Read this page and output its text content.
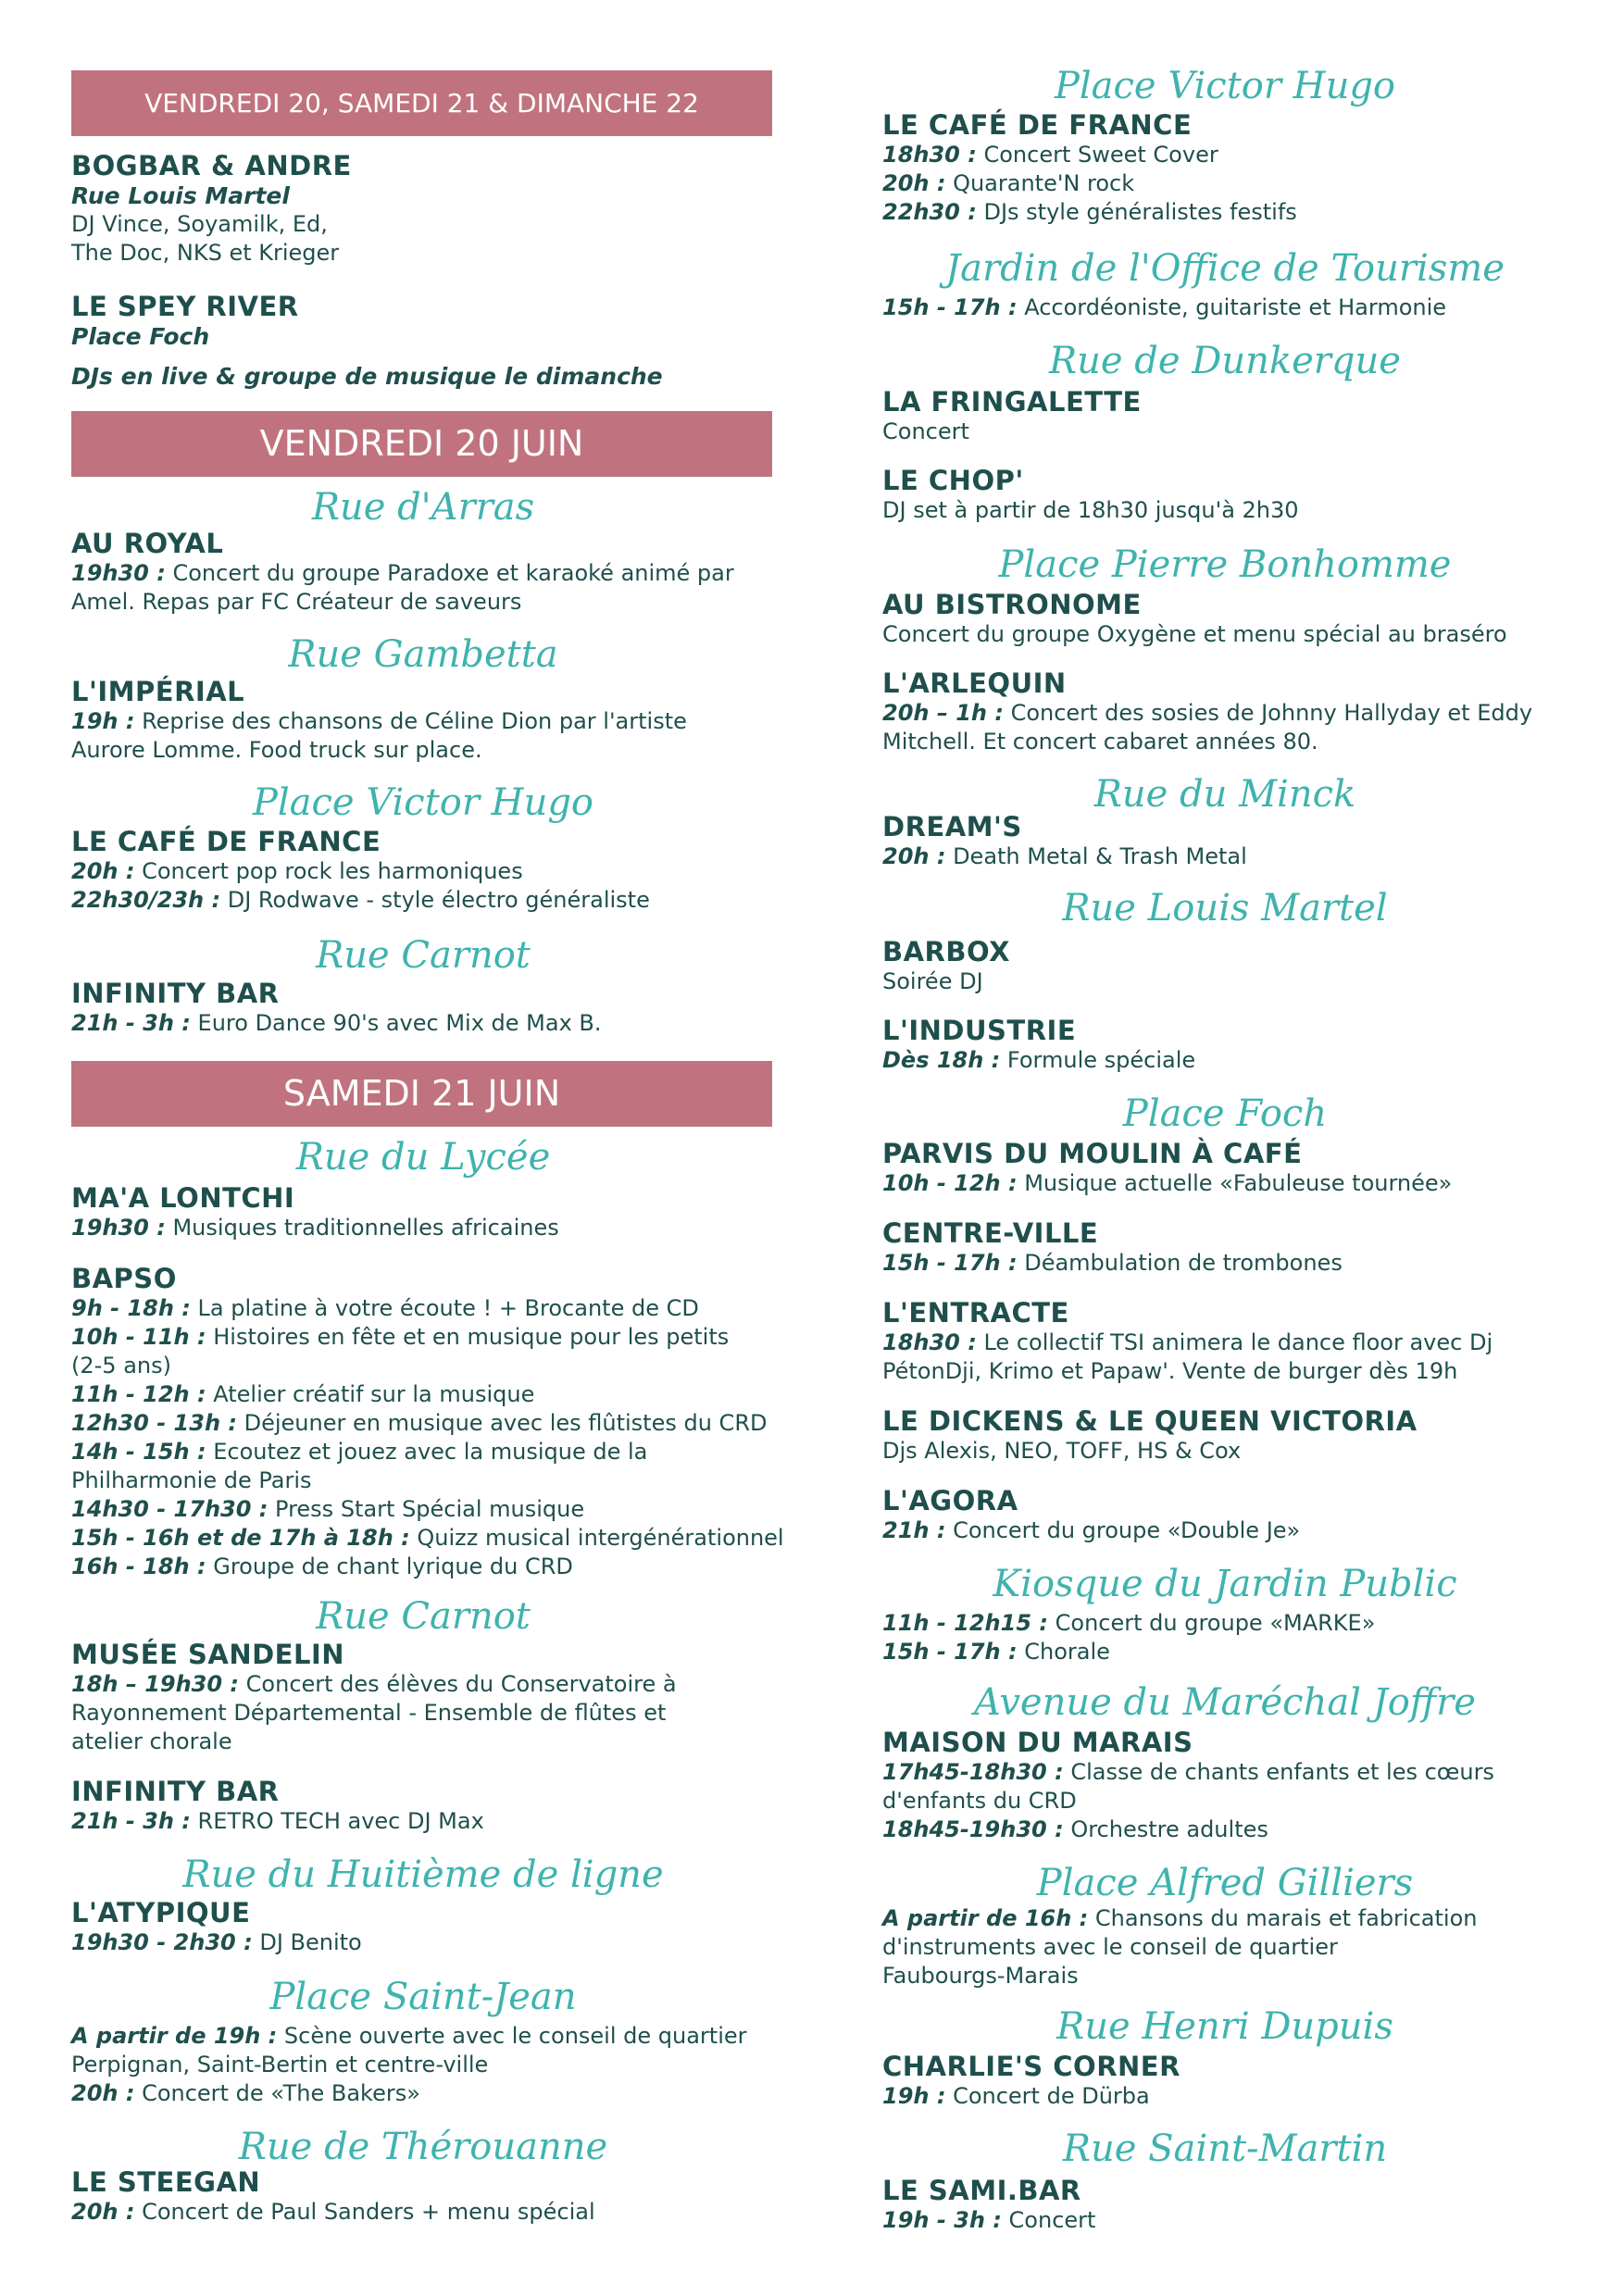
VENDREDI 20, SAMEDI 21 & DIMANCHE 22
BOGBAR & ANDRE
Rue Louis Martel
DJ Vince, Soyamilk, Ed,
The Doc, NKS et Krieger
LE SPEY RIVER
Place Foch
DJs en live & groupe de musique le dimanche
VENDREDI 20 JUIN
Rue d'Arras
AU ROYAL
19h30 : Concert du groupe Paradoxe et karaoké animé par
Amel. Repas par FC Créateur de saveurs
Rue Gambetta
L'IMPÉRIAL
19h : Reprise des chansons de Céline Dion par l'artiste
Aurore Lomme. Food truck sur place.
Place Victor Hugo
LE CAFÉ DE FRANCE
20h : Concert pop rock les harmoniques
22h30/23h : DJ Rodwave - style électro généraliste
Rue Carnot
INFINITY BAR
21h - 3h : Euro Dance 90's avec Mix de Max B.
SAMEDI 21 JUIN
Rue du Lycée
MA'A LONTCHI
19h30 : Musiques traditionnelles africaines
BAPSO
9h - 18h : La platine à votre écoute ! + Brocante de CD
10h - 11h : Histoires en fête et en musique pour les petits
(2-5 ans)
11h - 12h : Atelier créatif sur la musique
12h30 - 13h : Déjeuner en musique avec les flûtistes du CRD
14h - 15h : Ecoutez et jouez avec la musique de la
Philharmonie de Paris
14h30 - 17h30 : Press Start Spécial musique
15h - 16h et de 17h à 18h : Quizz musical intergénérationnel
16h - 18h : Groupe de chant lyrique du CRD
Rue Carnot
MUSÉE SANDELIN
18h – 19h30 : Concert des élèves du Conservatoire à
Rayonnement Départemental - Ensemble de flûtes et
atelier chorale
INFINITY BAR
21h - 3h : RETRO TECH avec DJ Max
Rue du Huitième de ligne
L'ATYPIQUE
19h30 - 2h30 : DJ Benito
Place Saint-Jean
A partir de 19h : Scène ouverte avec le conseil de quartier
Perpignan, Saint-Bertin et centre-ville
20h : Concert de «The Bakers»
Rue de Thérouanne
LE STEEGAN
20h : Concert de Paul Sanders + menu spécial
Place Victor Hugo
LE CAFÉ DE FRANCE
18h30 : Concert Sweet Cover
20h : Quarante'N rock
22h30 : DJs style généralistes festifs
Jardin de l'Office de Tourisme
15h - 17h : Accordéoniste, guitariste et Harmonie
Rue de Dunkerque
LA FRINGALETTE
Concert
LE CHOP'
DJ set à partir de 18h30 jusqu'à 2h30
Place Pierre Bonhomme
AU BISTRONOME
Concert du groupe Oxygène et menu spécial au braséro
L'ARLEQUIN
20h – 1h : Concert des sosies de Johnny Hallyday et Eddy
Mitchell. Et concert cabaret années 80.
Rue du Minck
DREAM'S
20h : Death Metal & Trash Metal
Rue Louis Martel
BARBOX
Soirée DJ
L'INDUSTRIE
Dès 18h : Formule spéciale
Place Foch
PARVIS DU MOULIN À CAFÉ
10h - 12h : Musique actuelle «Fabuleuse tournée»
CENTRE-VILLE
15h - 17h : Déambulation de trombones
L'ENTRACTE
18h30 : Le collectif TSI animera le dance floor avec Dj
PétonDji, Krimo et Papaw'. Vente de burger dès 19h
LE DICKENS & LE QUEEN VICTORIA
Djs Alexis, NEO, TOFF, HS & Cox
L'AGORA
21h : Concert du groupe «Double Je»
Kiosque du Jardin Public
11h - 12h15 : Concert du groupe «MARKE»
15h - 17h : Chorale
Avenue du Maréchal Joffre
MAISON DU MARAIS
17h45-18h30 : Classe de chants enfants et les cœurs
d'enfants du CRD
18h45-19h30 : Orchestre adultes
Place Alfred Gilliers
A partir de 16h : Chansons du marais et fabrication
d'instruments avec le conseil de quartier
Faubourgs-Marais
Rue Henri Dupuis
CHARLIE'S CORNER
19h : Concert de Dürba
Rue Saint-Martin
LE SAMI.BAR
19h - 3h : Concert
